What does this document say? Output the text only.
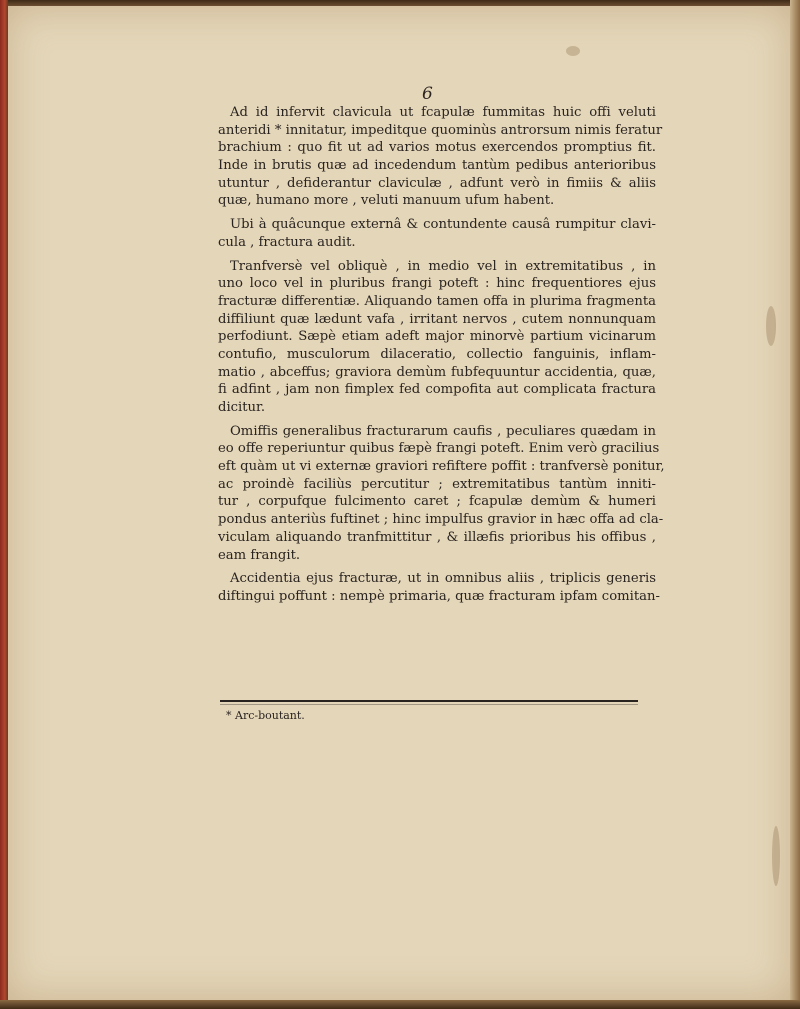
6
Ad id infervit clavicula ut fcapulæ fummitas huic offi veluti
anteridi * innitatur, impeditque quominùs antrorsum nimis feratur
brachium : quo fit ut ad varios motus exercendos promptius fit.
Inde in brutis quæ ad incedendum tantùm pedibus anterioribus
utuntur , defiderantur claviculæ , adfunt verò in fimiis & aliis
quæ, humano more , veluti manuum ufum habent.
Ubi à quâcunque externâ & contundente causâ rumpitur clavi-
cula , fractura audit.
Tranfversè vel obliquè , in medio vel in extremitatibus , in
uno loco vel in pluribus frangi poteft : hinc frequentiores ejus
fracturæ differentiæ. Aliquando tamen offa in plurima fragmenta
diffiliunt quæ lædunt vafa , irritant nervos , cutem nonnunquam
perfodiunt. Sæpè etiam adeft major minorvè partium vicinarum
contufio, musculorum dilaceratio, collectio fanguinis, inflam-
matio , abceffus; graviora demùm fubfequuntur accidentia, quæ,
fi adfint , jam non fimplex fed compofita aut complicata fractura
dicitur.
Omiffis generalibus fracturarum caufis , peculiares quædam in
eo offe reperiuntur quibus fæpè frangi poteft. Enim verò gracilius
eft quàm ut vi externæ graviori refiftere poffit : tranfversè ponitur,
ac proindè faciliùs percutitur ; extremitatibus tantùm inniti-
tur , corpufque fulcimento caret ; fcapulæ demùm & humeri
pondus anteriùs fuftinet ; hinc impulfus gravior in hæc offa ad cla-
viculam aliquando tranfmittitur , & illæfis prioribus his offibus ,
eam frangit.
Accidentia ejus fracturæ, ut in omnibus aliis , triplicis generis
diftingui poffunt : nempè primaria, quæ fracturam ipfam comitan-
* Arc-boutant.
